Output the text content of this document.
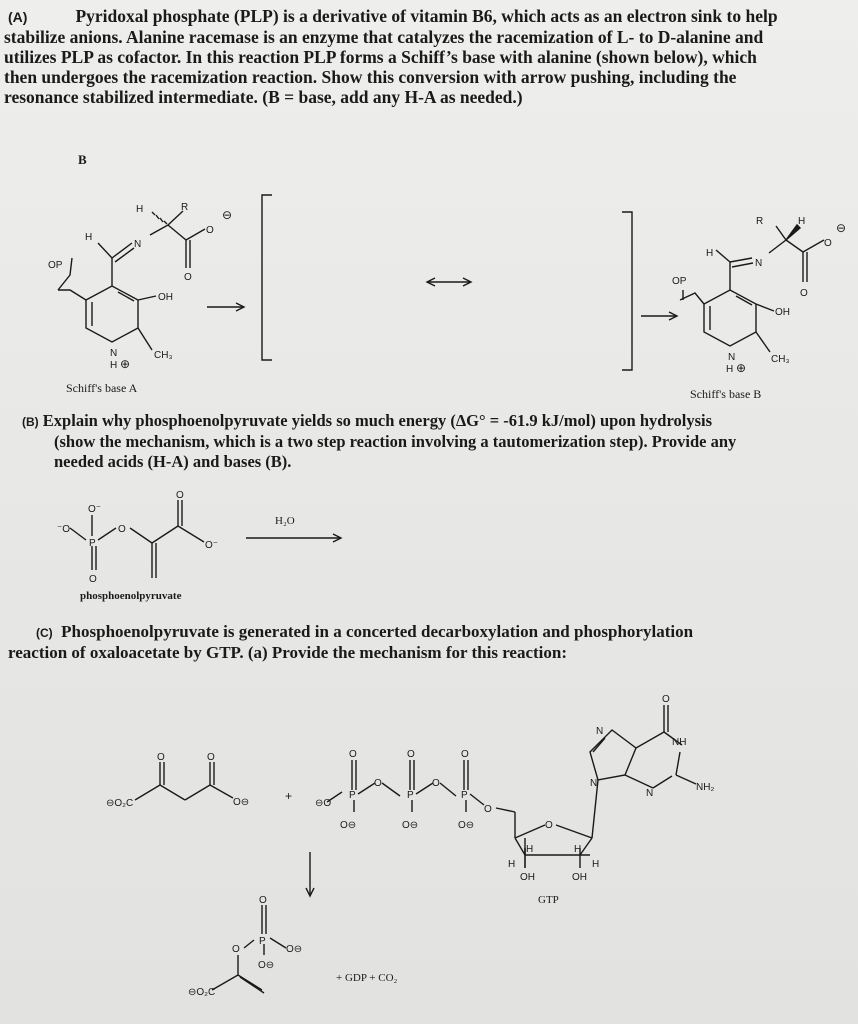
(A)	Pyridoxal phosphate (PLP) is a derivative of vitamin B6, which acts as an electron sink to help
stabilize anions. Alanine racemase is an enzyme that catalyzes the racemization of L- to D-alanine and
utilizes PLP as cofactor. In this reaction PLP forms a Schiff’s base with alanine (shown below), which
then undergoes the racemization reaction. Show this conversion with arrow pushing, including the
resonance stabilized intermediate. (B = base, add any H-A as needed.)
B
OP
H
N
H	R
O
⊖
O
OH
CH₃
N
H ⊕
OP
H
N
R	H
O
⊖
O
OH
CH₃
N
H ⊕
Schiff's base A	Schiff's base B
(B) Explain why phosphoenolpyruvate yields so much energy (ΔG° = -61.9 kJ/mol) upon hydrolysis
(show the mechanism, which is a two step reaction involving a tautomerization step). Provide any
needed acids (H-A) and bases (B).
⁻O
O⁻
P
O
O
O
O⁻
H₂O
phosphoenolpyruvate
(C) Phosphoenolpyruvate is generated in a concerted decarboxylation and phosphorylation
reaction of oxaloacetate by GTP. (a) Provide the mechanism for this reaction:
⊖O₂C
O	O
O⊖	+
⊖O
O
P
O⊖
O
O
P
O⊖
O
O
P
O⊖
O
O
H
H	H
H
OH	OH
N
N
O
NH
N
NH₂
⊖O₂C
O
P
O
O⊖
O⊖
+ GDP + CO₂
GTP
